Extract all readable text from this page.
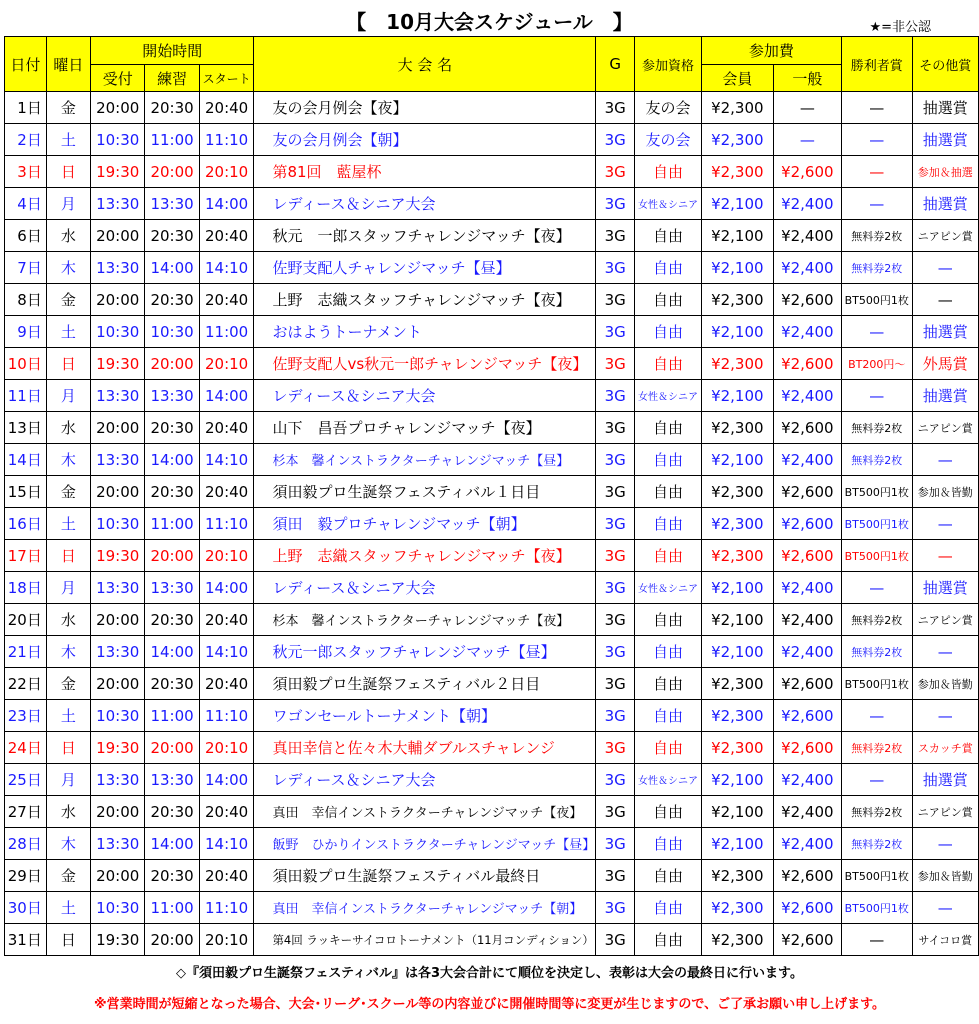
【　10月大会スケジュール　】	★=非公認
日付	曜日	開始時間			大 会 名	G	参加資格	参加費		勝利者賞	その他賞
		受付	練習	スタート				会員	一般		
1日	金	20:00	20:30	20:40	友の会月例会【夜】	3G	友の会	¥2,300	—	—	抽選賞
2日	土	10:30	11:00	11:10	友の会月例会【朝】	3G	友の会	¥2,300	—	—	抽選賞
3日	日	19:30	20:00	20:10	第81回　藍屋杯	3G	自由	¥2,300	¥2,600	—	参加＆抽選
4日	月	13:30	13:30	14:00	レディース＆シニア大会	3G	女性＆シニア	¥2,100	¥2,400	—	抽選賞
6日	水	20:00	20:30	20:40	秋元　一郎スタッフチャレンジマッチ【夜】	3G	自由	¥2,100	¥2,400	無料券2枚	ニアピン賞
7日	木	13:30	14:00	14:10	佐野支配人チャレンジマッチ【昼】	3G	自由	¥2,100	¥2,400	無料券2枚	—
8日	金	20:00	20:30	20:40	上野　志織スタッフチャレンジマッチ【夜】	3G	自由	¥2,300	¥2,600	BT500円1枚	—
9日	土	10:30	10:30	11:00	おはようトーナメント	3G	自由	¥2,100	¥2,400	—	抽選賞
10日	日	19:30	20:00	20:10	佐野支配人vs秋元一郎チャレンジマッチ【夜】	3G	自由	¥2,300	¥2,600	BT200円～	外馬賞
11日	月	13:30	13:30	14:00	レディース＆シニア大会	3G	女性＆シニア	¥2,100	¥2,400	—	抽選賞
13日	水	20:00	20:30	20:40	山下　昌吾プロチャレンジマッチ【夜】	3G	自由	¥2,300	¥2,600	無料券2枚	ニアピン賞
14日	木	13:30	14:00	14:10	杉本　馨インストラクターチャレンジマッチ【昼】	3G	自由	¥2,100	¥2,400	無料券2枚	—
15日	金	20:00	20:30	20:40	須田毅プロ生誕祭フェスティバル１日目	3G	自由	¥2,300	¥2,600	BT500円1枚	参加＆皆勤
16日	土	10:30	11:00	11:10	須田　毅プロチャレンジマッチ【朝】	3G	自由	¥2,300	¥2,600	BT500円1枚	—
17日	日	19:30	20:00	20:10	上野　志織スタッフチャレンジマッチ【夜】	3G	自由	¥2,300	¥2,600	BT500円1枚	—
18日	月	13:30	13:30	14:00	レディース＆シニア大会	3G	女性＆シニア	¥2,100	¥2,400	—	抽選賞
20日	水	20:00	20:30	20:40	杉本　馨インストラクターチャレンジマッチ【夜】	3G	自由	¥2,100	¥2,400	無料券2枚	ニアピン賞
21日	木	13:30	14:00	14:10	秋元一郎スタッフチャレンジマッチ【昼】	3G	自由	¥2,100	¥2,400	無料券2枚	—
22日	金	20:00	20:30	20:40	須田毅プロ生誕祭フェスティバル２日目	3G	自由	¥2,300	¥2,600	BT500円1枚	参加＆皆勤
23日	土	10:30	11:00	11:10	ワゴンセールトーナメント【朝】	3G	自由	¥2,300	¥2,600	—	—
24日	日	19:30	20:00	20:10	真田幸信と佐々木大輔ダブルスチャレンジ	3G	自由	¥2,300	¥2,600	無料券2枚	スカッチ賞
25日	月	13:30	13:30	14:00	レディース＆シニア大会	3G	女性＆シニア	¥2,100	¥2,400	—	抽選賞
27日	水	20:00	20:30	20:40	真田　幸信インストラクターチャレンジマッチ【夜】	3G	自由	¥2,100	¥2,400	無料券2枚	ニアピン賞
28日	木	13:30	14:00	14:10	飯野　ひかりインストラクターチャレンジマッチ【昼】	3G	自由	¥2,100	¥2,400	無料券2枚	—
29日	金	20:00	20:30	20:40	須田毅プロ生誕祭フェスティバル最終日	3G	自由	¥2,300	¥2,600	BT500円1枚	参加＆皆勤
30日	土	10:30	11:00	11:10	真田　幸信インストラクターチャレンジマッチ【朝】	3G	自由	¥2,300	¥2,600	BT500円1枚	—
31日	日	19:30	20:00	20:10	第4回 ラッキーサイコロトーナメント（11月コンディション）	3G	自由	¥2,300	¥2,600	—	サイコロ賞
◇『須田毅プロ生誕祭フェスティバル』は各3大会合計にて順位を決定し、表彰は大会の最終日に行います。
※営業時間が短縮となった場合、大会･リーグ･スクール等の内容並びに開催時間等に変更が生じますので、ご了承お願い申し上げます。
